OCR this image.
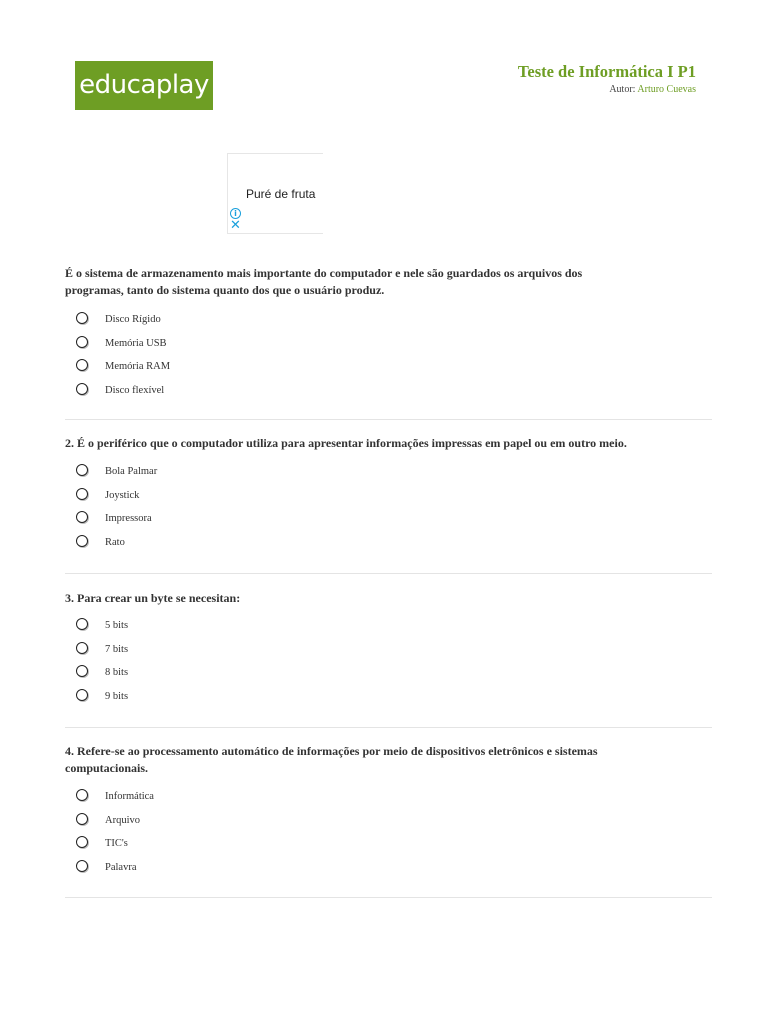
educaplay	Teste de Informática I P1
Autor: Arturo Cuevas
Puré de fruta
i
✕
É o sistema de armazenamento mais importante do computador e nele são guardados os arquivos dos programas, tanto do sistema quanto dos que o usuário produz.
Disco Rígido
Memória USB
Memória RAM
Disco flexível
2. É o periférico que o computador utiliza para apresentar informações impressas em papel ou em outro meio.
Bola Palmar
Joystick
Impressora
Rato
3. Para crear un byte se necesitan:
5 bits
7 bits
8 bits
9 bits
4. Refere-se ao processamento automático de informações por meio de dispositivos eletrônicos e sistemas computacionais.
Informática
Arquivo
TIC's
Palavra
